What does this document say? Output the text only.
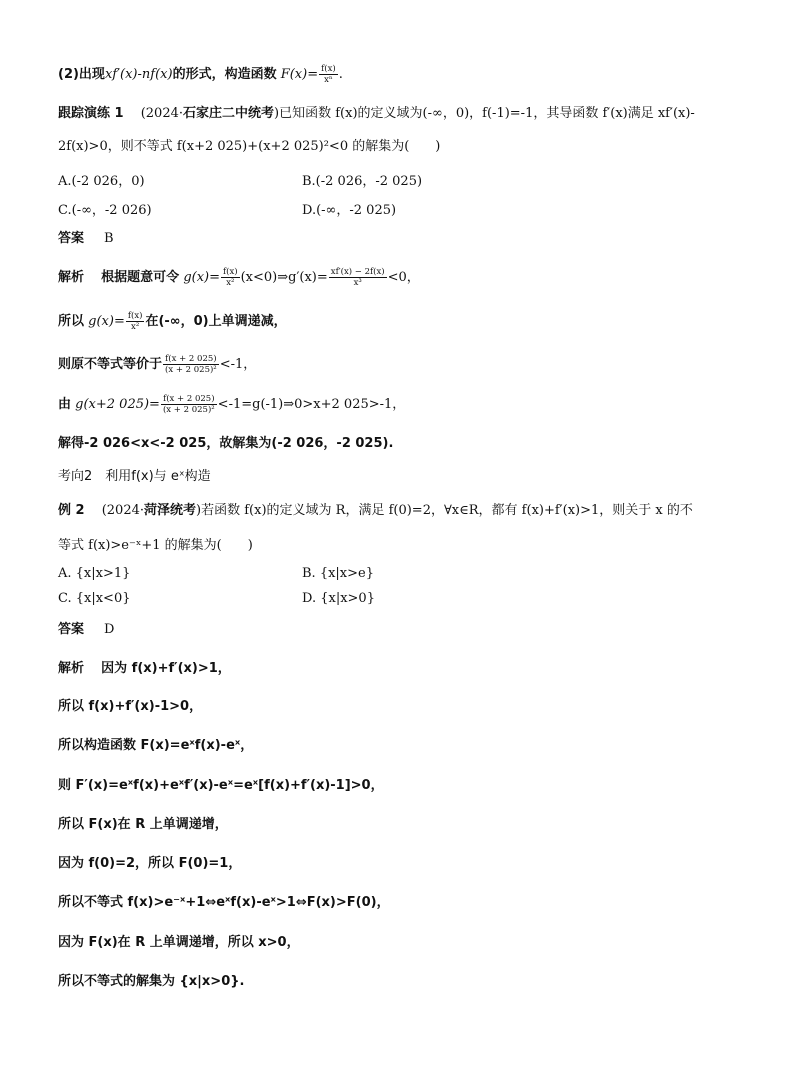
(2)出现xf′(x)-nf(x)的形式，构造函数 $F(x)= \frac{f(x)}{\text{xⁿ}}$ .
跟踪演练 1　 (2024·石家庄二中统考)已知函数 f(x)的定义域为(-∞，0)，f(-1)=-1，其导函数 f′(x)满足 xf′(x)-
2f(x)>0，则不等式 f(x+2 025)+(x+2 025)²<0 的解集为(　　)
A.(-2 026，0)	B.(-2 026，-2 025)
C.(-∞，-2 026)	D.(-∞，-2 025)
答案 B
解析　 根据题意可令 $g(x)= \frac{f(x)}{\text{x²}}$ (x<0)⇒g′(x)= $\frac{xf'(x) - 2f(x)}{\text{x³}} <0$，
所以 $g(x)= \frac{f(x)}{\text{x²}}$ 在(-∞，0)上单调递减，
则原不等式等价于 $\frac{f(x + 2 025)}{\text{(x + 2 025)²}} <-1$，
由 g(x+2 $025)= \frac{f(x + 2 025)}{\text{(x + 2 025)²}}$ <-1=g(-1)⇒0>x+2 025>-1，
解得-2 026<x<-2 025，故解集为(-2 026，-2 025).
考向2　利用f(x)与 eˣ构造
例 2　 (2024·菏泽统考)若函数 f(x)的定义域为 R，满足 f(0)=2，∀x∈R，都有 f(x)+f′(x)>1，则关于 x 的不
等式 f(x)>e⁻ˣ+1 的解集为(　　)
A. {x|x>1}	B. {x|x>e}
C. {x|x<0}	D. {x|x>0}
答案 D
解析　 因为 f(x)+f′(x)>1，
所以 f(x)+f′(x)-1>0，
所以构造函数 F(x)=eˣf(x)-eˣ，
则 F′(x)=eˣf(x)+eˣf′(x)-eˣ=eˣ[f(x)+f′(x)-1]>0，
所以 F(x)在 R 上单调递增，
因为 f(0)=2，所以 F(0)=1，
所以不等式 f(x)>e⁻ˣ+1⇔eˣf(x)-eˣ>1⇔F(x)>F(0)，
因为 F(x)在 R 上单调递增，所以 x>0，
所以不等式的解集为 {x|x>0}.
